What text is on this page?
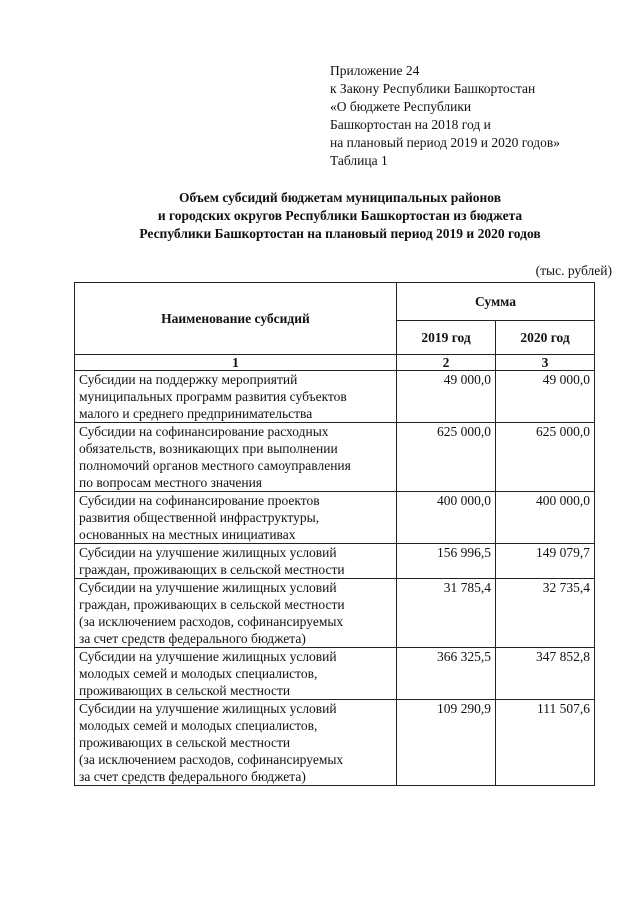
Приложение 24
к Закону Республики Башкортостан
«О бюджете Республики
Башкортостан на 2018 год и
на плановый период 2019 и 2020 годов»
Таблица 1
Объем субсидий бюджетам муниципальных районов
и городских округов Республики Башкортостан из бюджета
Республики Башкортостан на плановый период 2019 и 2020 годов
(тыс. рублей)
Наименование субсидий	Сумма	
	2019 год	2020 год
1	2	3

Субсидии на поддержку мероприятий
муниципальных программ развития субъектов
малого и среднего предпринимательства	49 000,0	49 000,0

Субсидии на софинансирование расходных
обязательств, возникающих при выполнении
полномочий органов местного самоуправления
по вопросам местного значения	625 000,0	625 000,0

Субсидии на софинансирование проектов
развития общественной инфраструктуры,
основанных на местных инициативах	400 000,0	400 000,0

Субсидии на улучшение жилищных условий
граждан, проживающих в сельской местности	156 996,5	149 079,7

Субсидии на улучшение жилищных условий
граждан, проживающих в сельской местности
(за исключением расходов, софинансируемых
за счет средств федерального бюджета)	31 785,4	32 735,4

Субсидии на улучшение жилищных условий
молодых семей и молодых специалистов,
проживающих в сельской местности	366 325,5	347 852,8

Субсидии на улучшение жилищных условий
молодых семей и молодых специалистов,
проживающих в сельской местности
(за исключением расходов, софинансируемых
за счет средств федерального бюджета)	109 290,9	111 507,6
